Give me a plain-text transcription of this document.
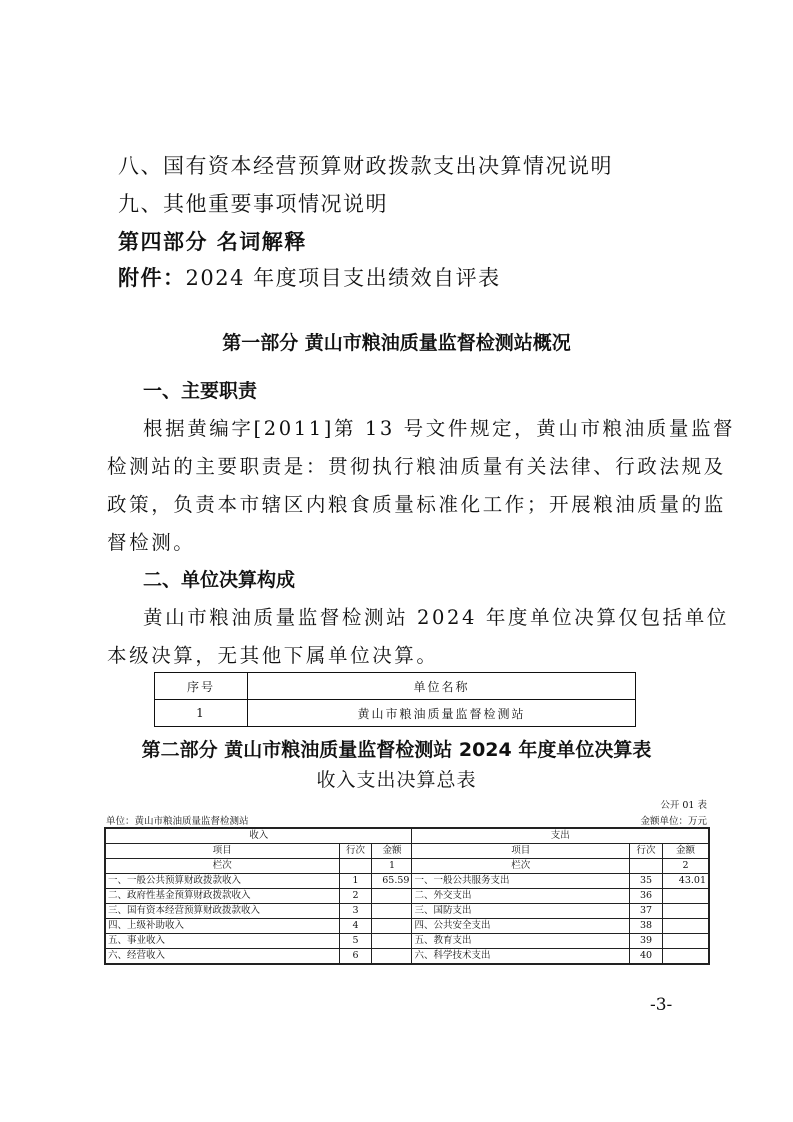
八、国有资本经营预算财政拨款支出决算情况说明
九、其他重要事项情况说明
第四部分 名词解释
附件：2024 年度项目支出绩效自评表
第一部分 黄山市粮油质量监督检测站概况
一、主要职责
根据黄编字[2011]第 13 号文件规定，黄山市粮油质量监督
检测站的主要职责是：贯彻执行粮油质量有关法律、行政法规及
政策，负责本市辖区内粮食质量标准化工作；开展粮油质量的监
督检测。
二、单位决算构成
黄山市粮油质量监督检测站 2024 年度单位决算仅包括单位
本级决算，无其他下属单位决算。
序号	单位名称
1	黄山市粮油质量监督检测站
第二部分 黄山市粮油质量监督检测站 2024 年度单位决算表
收入支出决算总表
公开 01 表
单位：黄山市粮油质量监督检测站	金额单位：万元
收入			支出		
项目	行次	金额	项目	行次	金额
栏次		1	栏次		2
一、一般公共预算财政拨款收入	1	65.59	一、一般公共服务支出	35	43.01
二、政府性基金预算财政拨款收入	2		二、外交支出	36	
三、国有资本经营预算财政拨款收入	3		三、国防支出	37	
四、上级补助收入	4		四、公共安全支出	38	
五、事业收入	5		五、教育支出	39	
六、经营收入	6		六、科学技术支出	40	
-3-
